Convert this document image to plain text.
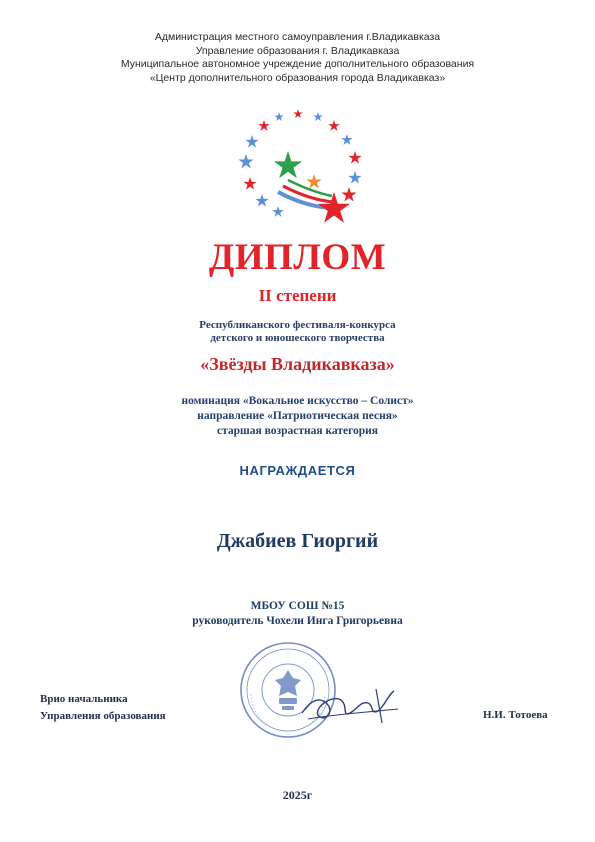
Администрация местного самоуправления г.Владикавказа
Управление образования г. Владикавказа
Муниципальное автономное учреждение дополнительного образования
«Центр дополнительного образования города Владикавказ»
ДИПЛОМ
II степени
Республиканского фестиваля-конкурса
детского и юношеского творчества
«Звёзды Владикавказа»
номинация «Вокальное искусство – Солист»
направление «Патриотическая песня»
старшая возрастная категория
НАГРАЖДАЕТСЯ
Джабиев Гиоргий
МБОУ СОШ №15
руководитель Чохели Инга Григорьевна
Врио начальника
Управления образования	Н.И. Тотоева
2025г
